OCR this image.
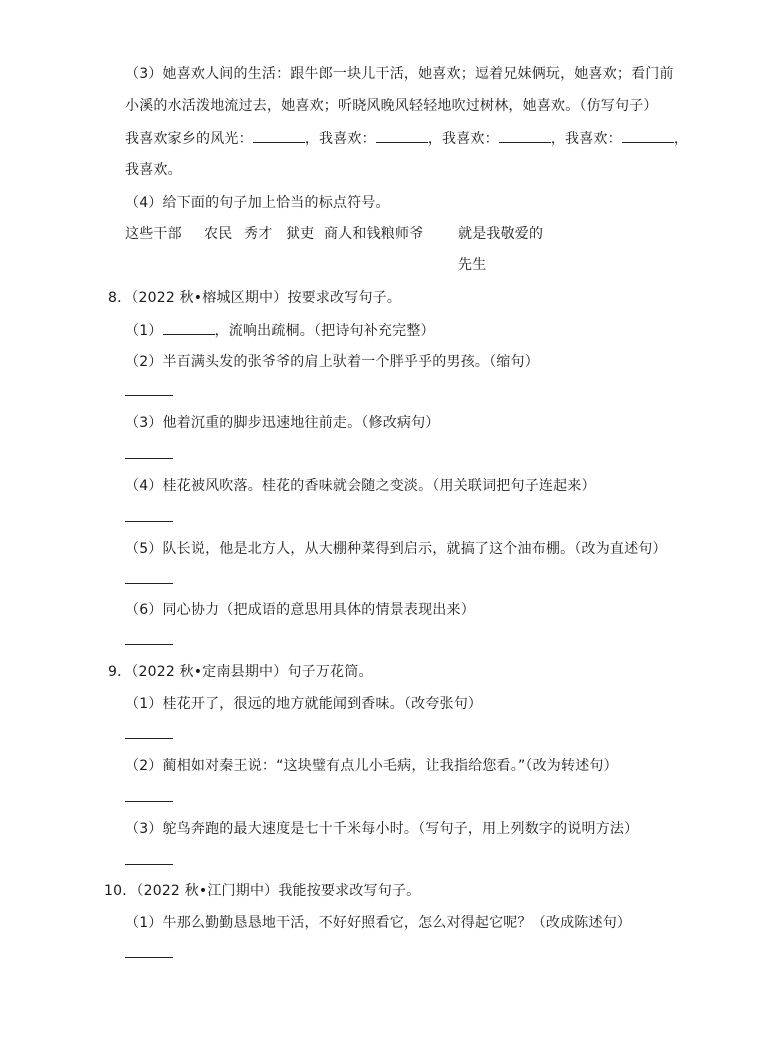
（3）她喜欢人间的生活：跟牛郎一块儿干活，她喜欢；逗着兄妹俩玩，她喜欢；看门前
小溪的水活泼地流过去，她喜欢；听晓风晚风轻轻地吹过树林，她喜欢。（仿写句子）
我喜欢家乡的风光：	，我喜欢：	，我喜欢：	，我喜欢：	，
我喜欢。
（4）给下面的句子加上恰当的标点符号。
这些干部 农民 秀才 狱吏 商人和钱粮师爷 就是我敬爱的
先生
8．（2022 秋•榕城区期中）按要求改写句子。
（1）	，流响出疏桐。（把诗句补充完整）
（2）半百满头发的张爷爷的肩上驮着一个胖乎乎的男孩。（缩句）
（3）他着沉重的脚步迅速地往前走。（修改病句）
（4）桂花被风吹落。桂花的香味就会随之变淡。（用关联词把句子连起来）
（5）队长说，他是北方人，从大棚种菜得到启示，就搞了这个油布棚。（改为直述句）
（6）同心协力（把成语的意思用具体的情景表现出来）
9．（2022 秋•定南县期中）句子万花筒。
（1）桂花开了，很远的地方就能闻到香味。（改夸张句）
（2）蔺相如对秦王说：“这块璧有点儿小毛病，让我指给您看。”（改为转述句）
（3）鸵鸟奔跑的最大速度是七十千米每小时。（写句子，用上列数字的说明方法）
10．（2022 秋•江门期中）我能按要求改写句子。
（1）牛那么勤勤恳恳地干活，不好好照看它，怎么对得起它呢？（改成陈述句）
